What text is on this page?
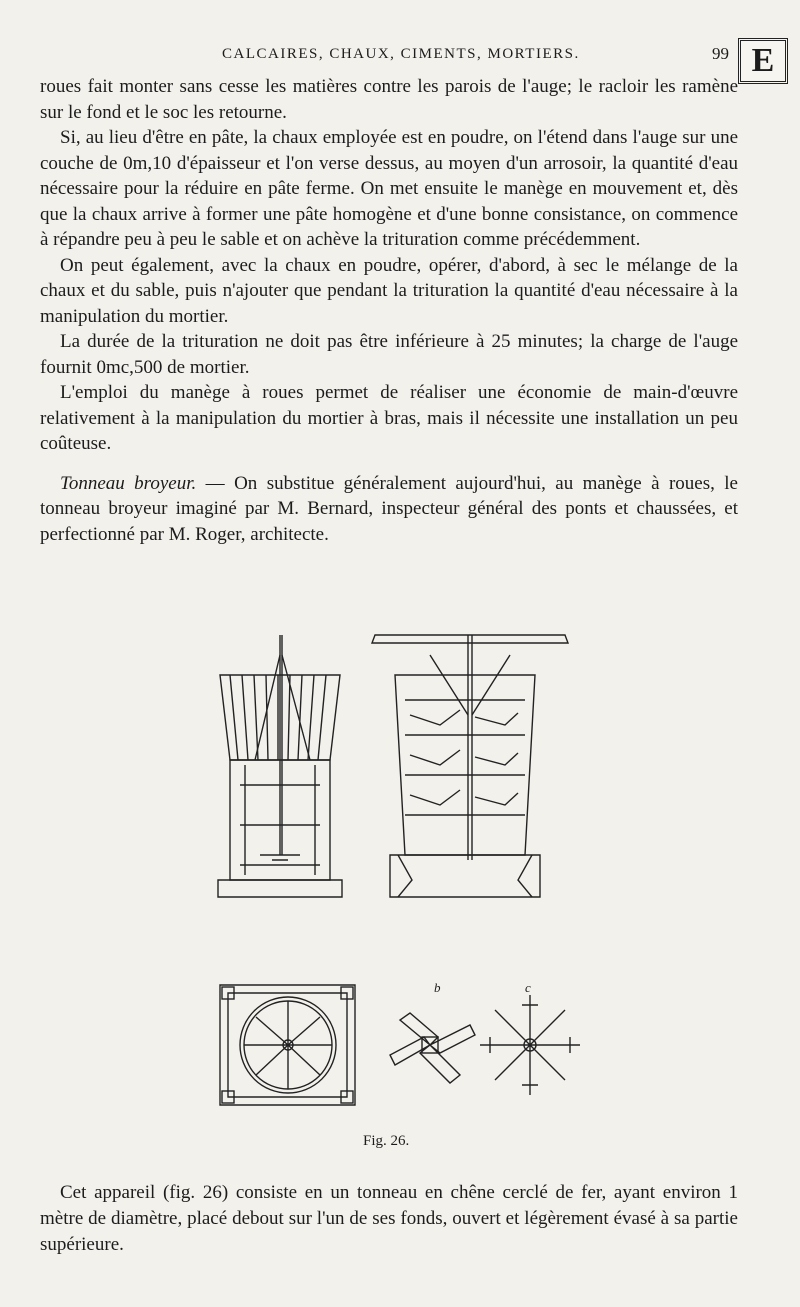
CALCAIRES, CHAUX, CIMENTS, MORTIERS.	99 E

roues fait monter sans cesse les matières contre les parois de l'auge; le racloir les ramène sur le fond et le soc les retourne.

Si, au lieu d'être en pâte, la chaux employée est en poudre, on l'étend dans l'auge sur une couche de 0m,10 d'épaisseur et l'on verse dessus, au moyen d'un arrosoir, la quantité d'eau nécessaire pour la réduire en pâte ferme. On met ensuite le manège en mouvement et, dès que la chaux arrive à former une pâte homogène et d'une bonne consistance, on commence à répandre peu à peu le sable et on achève la trituration comme précédemment.

On peut également, avec la chaux en poudre, opérer, d'abord, à sec le mélange de la chaux et du sable, puis n'ajouter que pendant la trituration la quantité d'eau nécessaire à la manipulation du mortier.

La durée de la trituration ne doit pas être inférieure à 25 minutes; la charge de l'auge fournit 0mc,500 de mortier.

L'emploi du manège à roues permet de réaliser une économie de main-d'œuvre relativement à la manipulation du mortier à bras, mais il nécessite une installation un peu coûteuse.

Tonneau broyeur. — On substitue généralement aujourd'hui, au manège à roues, le tonneau broyeur imaginé par M. Bernard, inspecteur général des ponts et chaussées, et perfectionné par M. Roger, architecte.

b	c
Fig. 26.

Cet appareil (fig. 26) consiste en un tonneau en chêne cerclé de fer, ayant environ 1 mètre de diamètre, placé debout sur l'un de ses fonds, ouvert et légèrement évasé à sa partie supérieure.
